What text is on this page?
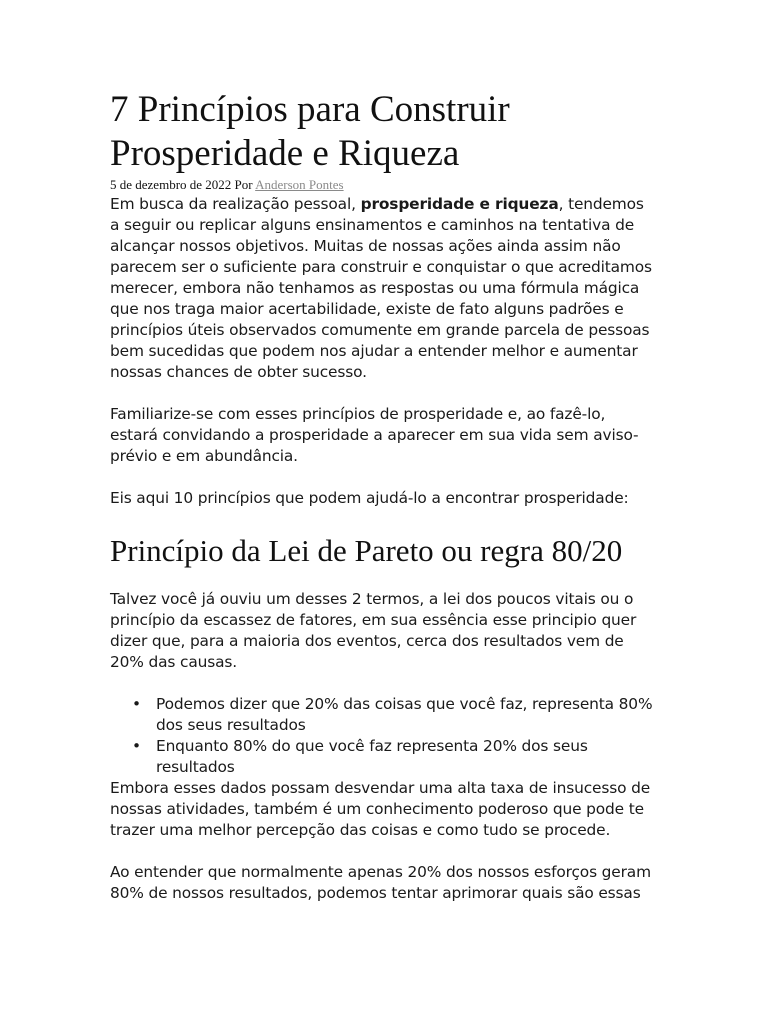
7 Princípios para Construir Prosperidade e Riqueza
5 de dezembro de 2022 Por Anderson Pontes

Em busca da realização pessoal, prosperidade e riqueza, tendemos a seguir ou replicar alguns ensinamentos e caminhos na tentativa de alcançar nossos objetivos. Muitas de nossas ações ainda assim não parecem ser o suficiente para construir e conquistar o que acreditamos merecer, embora não tenhamos as respostas ou uma fórmula mágica que nos traga maior acertabilidade, existe de fato alguns padrões e princípios úteis observados comumente em grande parcela de pessoas bem sucedidas que podem nos ajudar a entender melhor e aumentar nossas chances de obter sucesso.

Familiarize-se com esses princípios de prosperidade e, ao fazê-lo, estará convidando a prosperidade a aparecer em sua vida sem aviso-prévio e em abundância.

Eis aqui 10 princípios que podem ajudá-lo a encontrar prosperidade:

Princípio da Lei de Pareto ou regra 80/20

Talvez você já ouviu um desses 2 termos, a lei dos poucos vitais ou o princípio da escassez de fatores, em sua essência esse principio quer dizer que, para a maioria dos eventos, cerca dos resultados vem de 20% das causas.

• Podemos dizer que 20% das coisas que você faz, representa 80% dos seus resultados
• Enquanto 80% do que você faz representa 20% dos seus resultados

Embora esses dados possam desvendar uma alta taxa de insucesso de nossas atividades, também é um conhecimento poderoso que pode te trazer uma melhor percepção das coisas e como tudo se procede.

Ao entender que normalmente apenas 20% dos nossos esforços geram 80% de nossos resultados, podemos tentar aprimorar quais são essas
